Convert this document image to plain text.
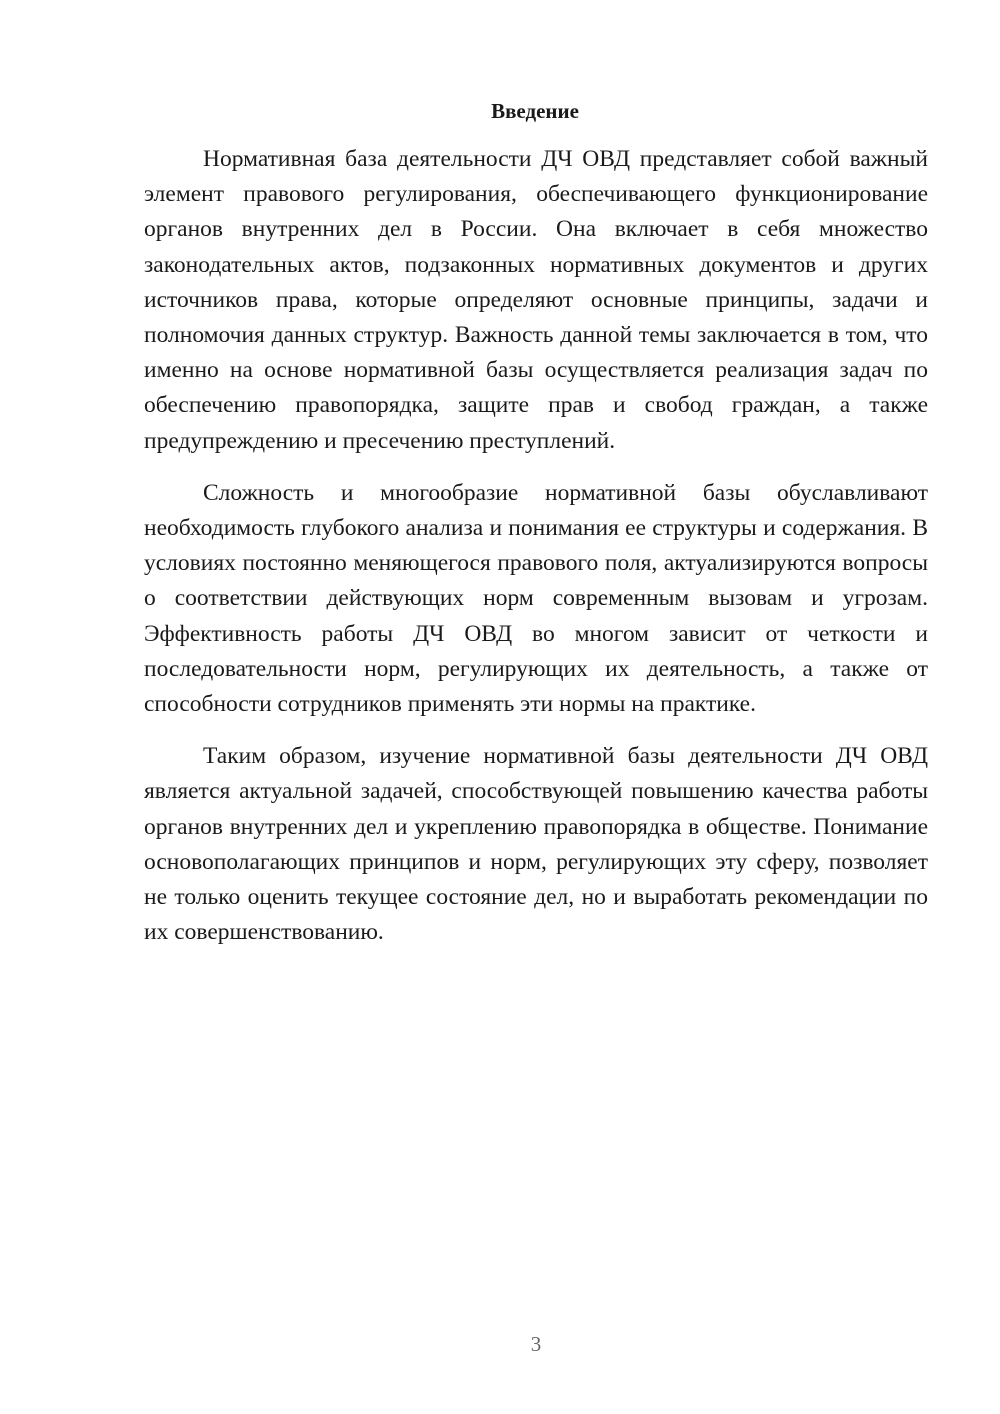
Введение

Нормативная база деятельности ДЧ ОВД представляет собой важный элемент правового регулирования, обеспечивающего функционирование органов внутренних дел в России. Она включает в себя множество законодательных актов, подзаконных нормативных документов и других источников права, которые определяют основные принципы, задачи и полномочия данных структур. Важность данной темы заключается в том, что именно на основе нормативной базы осуществляется реализация задач по обеспечению правопорядка, защите прав и свобод граждан, а также предупреждению и пресечению преступлений.

Сложность и многообразие нормативной базы обуславливают необходимость глубокого анализа и понимания ее структуры и содержания. В условиях постоянно меняющегося правового поля, актуализируются вопросы о соответствии действующих норм современным вызовам и угрозам. Эффективность работы ДЧ ОВД во многом зависит от четкости и последовательности норм, регулирующих их деятельность, а также от способности сотрудников применять эти нормы на практике.

Таким образом, изучение нормативной базы деятельности ДЧ ОВД является актуальной задачей, способствующей повышению качества работы органов внутренних дел и укреплению правопорядка в обществе. Понимание основополагающих принципов и норм, регулирующих эту сферу, позволяет не только оценить текущее состояние дел, но и выработать рекомендации по их совершенствованию.

3
